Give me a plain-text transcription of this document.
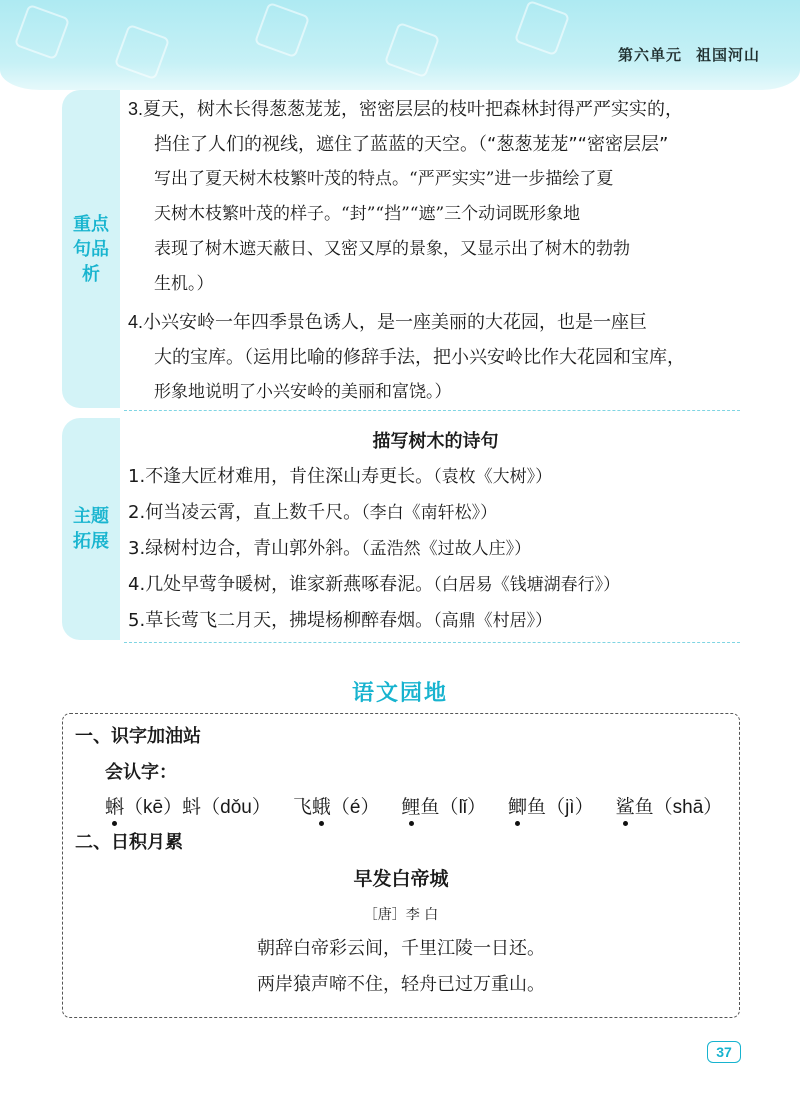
第六单元 祖国河山
重点句品析
3.夏天，树木长得葱葱茏茏，密密层层的枝叶把森林封得严严实实的，
挡住了人们的视线，遮住了蓝蓝的天空。（“葱葱茏茏”“密密层层”
写出了夏天树木枝繁叶茂的特点。“严严实实”进一步描绘了夏
天树木枝繁叶茂的样子。“封”“挡”“遮”三个动词既形象地
表现了树木遮天蔽日、又密又厚的景象，又显示出了树木的勃勃
生机。）
4.小兴安岭一年四季景色诱人，是一座美丽的大花园，也是一座巨
大的宝库。（运用比喻的修辞手法，把小兴安岭比作大花园和宝库，
形象地说明了小兴安岭的美丽和富饶。）
主题拓展
描写树木的诗句
1.不逢大匠材难用，肯住深山寿更长。（袁枚《大树》）
2.何当凌云霄，直上数千尺。（李白《南轩松》）
3.绿树村边合，青山郭外斜。（孟浩然《过故人庄》）
4.几处早莺争暖树，谁家新燕啄春泥。（白居易《钱塘湖春行》）
5.草长莺飞二月天，拂堤杨柳醉春烟。（高鼎《村居》）
语文园地
一、识字加油站
会认字：
蝌（kē）蚪（dǒu） 飞蛾（é） 鲤鱼（lǐ） 鲫鱼（jì） 鲨鱼（shā）
二、日积月累
早发白帝城
［唐］李 白
朝辞白帝彩云间，千里江陵一日还。
两岸猿声啼不住，轻舟已过万重山。
37
